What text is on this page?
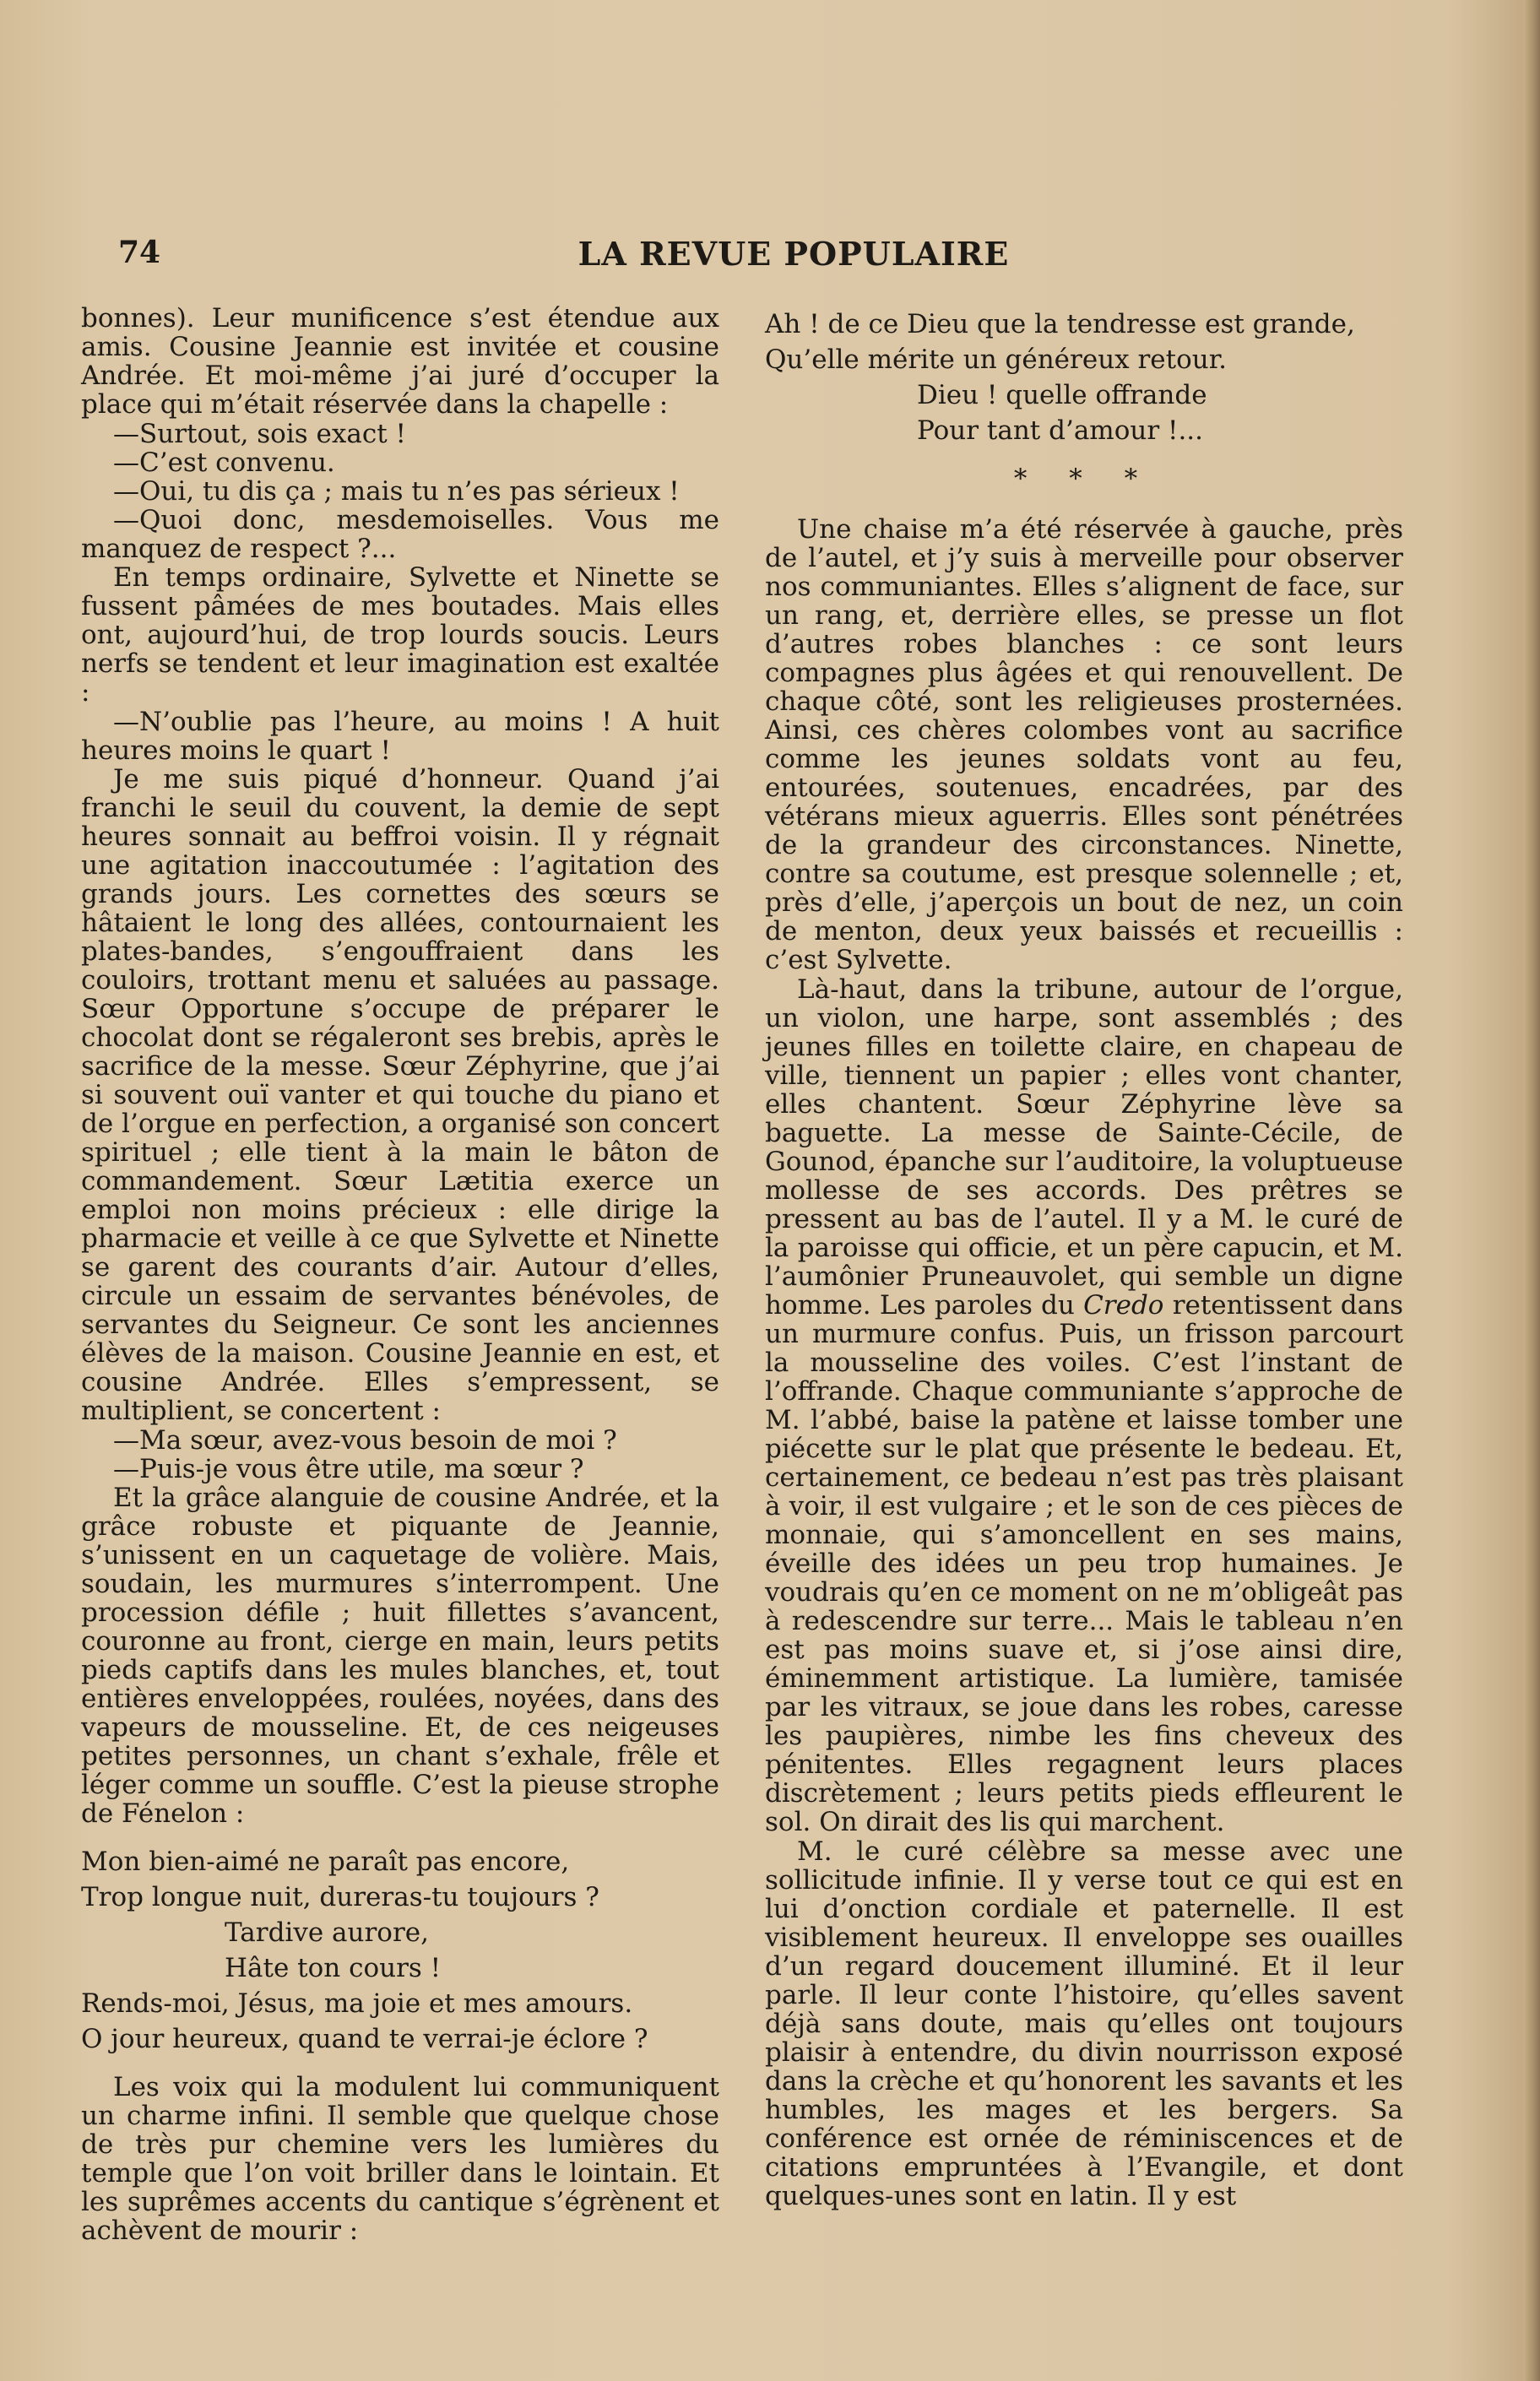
74	LA REVUE POPULAIRE

bonnes). Leur munificence s’est étendue aux amis. Cousine Jeannie est invitée et cousine Andrée. Et moi-même j’ai juré d’occuper la place qui m’était réservée dans la chapelle :

—Surtout, sois exact !

—C’est convenu.

—Oui, tu dis ça ; mais tu n’es pas sérieux !

—Quoi donc, mesdemoiselles. Vous me manquez de respect ?...

En temps ordinaire, Sylvette et Ninette se fussent pâmées de mes boutades. Mais elles ont, aujourd’hui, de trop lourds soucis. Leurs nerfs se tendent et leur imagination est exaltée :

—N’oublie pas l’heure, au moins ! A huit heures moins le quart !

Je me suis piqué d’honneur. Quand j’ai franchi le seuil du couvent, la demie de sept heures sonnait au beffroi voisin. Il y régnait une agitation inaccoutumée : l’agitation des grands jours. Les cornettes des sœurs se hâtaient le long des allées, contournaient les plates-bandes, s’engouffraient dans les couloirs, trottant menu et saluées au passage. Sœur Opportune s’occupe de préparer le chocolat dont se régaleront ses brebis, après le sacrifice de la messe. Sœur Zéphyrine, que j’ai si souvent ouï vanter et qui touche du piano et de l’orgue en perfection, a organisé son concert spirituel ; elle tient à la main le bâton de commandement. Sœur Lætitia exerce un emploi non moins précieux : elle dirige la pharmacie et veille à ce que Sylvette et Ninette se garent des courants d’air. Autour d’elles, circule un essaim de servantes bénévoles, de servantes du Seigneur. Ce sont les anciennes élèves de la maison. Cousine Jeannie en est, et cousine Andrée. Elles s’empressent, se multiplient, se concertent :

—Ma sœur, avez-vous besoin de moi ?

—Puis-je vous être utile, ma sœur ?

Et la grâce alanguie de cousine Andrée, et la grâce robuste et piquante de Jeannie, s’unissent en un caquetage de volière. Mais, soudain, les murmures s’interrompent. Une procession défile ; huit fillettes s’avancent, couronne au front, cierge en main, leurs petits pieds captifs dans les mules blanches, et, tout entières enveloppées, roulées, noyées, dans des vapeurs de mousseline. Et, de ces neigeuses petites personnes, un chant s’exhale, frêle et léger comme un souffle. C’est la pieuse strophe de Fénelon :

Mon bien-aimé ne paraît pas encore,
Trop longue nuit, dureras-tu toujours ?
Tardive aurore,
Hâte ton cours !
Rends-moi, Jésus, ma joie et mes amours.
O jour heureux, quand te verrai-je éclore ?

Les voix qui la modulent lui communiquent un charme infini. Il semble que quelque chose de très pur chemine vers les lumières du temple que l’on voit briller dans le lointain. Et les suprêmes accents du cantique s’égrènent et achèvent de mourir :

Ah ! de ce Dieu que la tendresse est grande,
Qu’elle mérite un généreux retour.
Dieu ! quelle offrande
Pour tant d’amour !...
* * *

Une chaise m’a été réservée à gauche, près de l’autel, et j’y suis à merveille pour observer nos communiantes. Elles s’alignent de face, sur un rang, et, derrière elles, se presse un flot d’autres robes blanches : ce sont leurs compagnes plus âgées et qui renouvellent. De chaque côté, sont les religieuses prosternées. Ainsi, ces chères colombes vont au sacrifice comme les jeunes soldats vont au feu, entourées, soutenues, encadrées, par des vétérans mieux aguerris. Elles sont pénétrées de la grandeur des circonstances. Ninette, contre sa coutume, est presque solennelle ; et, près d’elle, j’aperçois un bout de nez, un coin de menton, deux yeux baissés et recueillis : c’est Sylvette.

Là-haut, dans la tribune, autour de l’orgue, un violon, une harpe, sont assemblés ; des jeunes filles en toilette claire, en chapeau de ville, tiennent un papier ; elles vont chanter, elles chantent. Sœur Zéphyrine lève sa baguette. La messe de Sainte-Cécile, de Gounod, épanche sur l’auditoire, la voluptueuse mollesse de ses accords. Des prêtres se pressent au bas de l’autel. Il y a M. le curé de la paroisse qui officie, et un père capucin, et M. l’aumônier Pruneauvolet, qui semble un digne homme. Les paroles du Credo retentissent dans un murmure confus. Puis, un frisson parcourt la mousseline des voiles. C’est l’instant de l’offrande. Chaque communiante s’approche de M. l’abbé, baise la patène et laisse tomber une piécette sur le plat que présente le bedeau. Et, certainement, ce bedeau n’est pas très plaisant à voir, il est vulgaire ; et le son de ces pièces de monnaie, qui s’amoncellent en ses mains, éveille des idées un peu trop humaines. Je voudrais qu’en ce moment on ne m’obligeât pas à redescendre sur terre... Mais le tableau n’en est pas moins suave et, si j’ose ainsi dire, éminemment artistique. La lumière, tamisée par les vitraux, se joue dans les robes, caresse les paupières, nimbe les fins cheveux des pénitentes. Elles regagnent leurs places discrètement ; leurs petits pieds effleurent le sol. On dirait des lis qui marchent.

M. le curé célèbre sa messe avec une sollicitude infinie. Il y verse tout ce qui est en lui d’onction cordiale et paternelle. Il est visiblement heureux. Il enveloppe ses ouailles d’un regard doucement illuminé. Et il leur parle. Il leur conte l’histoire, qu’elles savent déjà sans doute, mais qu’elles ont toujours plaisir à entendre, du divin nourrisson exposé dans la crèche et qu’honorent les savants et les humbles, les mages et les bergers. Sa conférence est ornée de réminiscences et de citations empruntées à l’Evangile, et dont quelques-unes sont en latin. Il y est
